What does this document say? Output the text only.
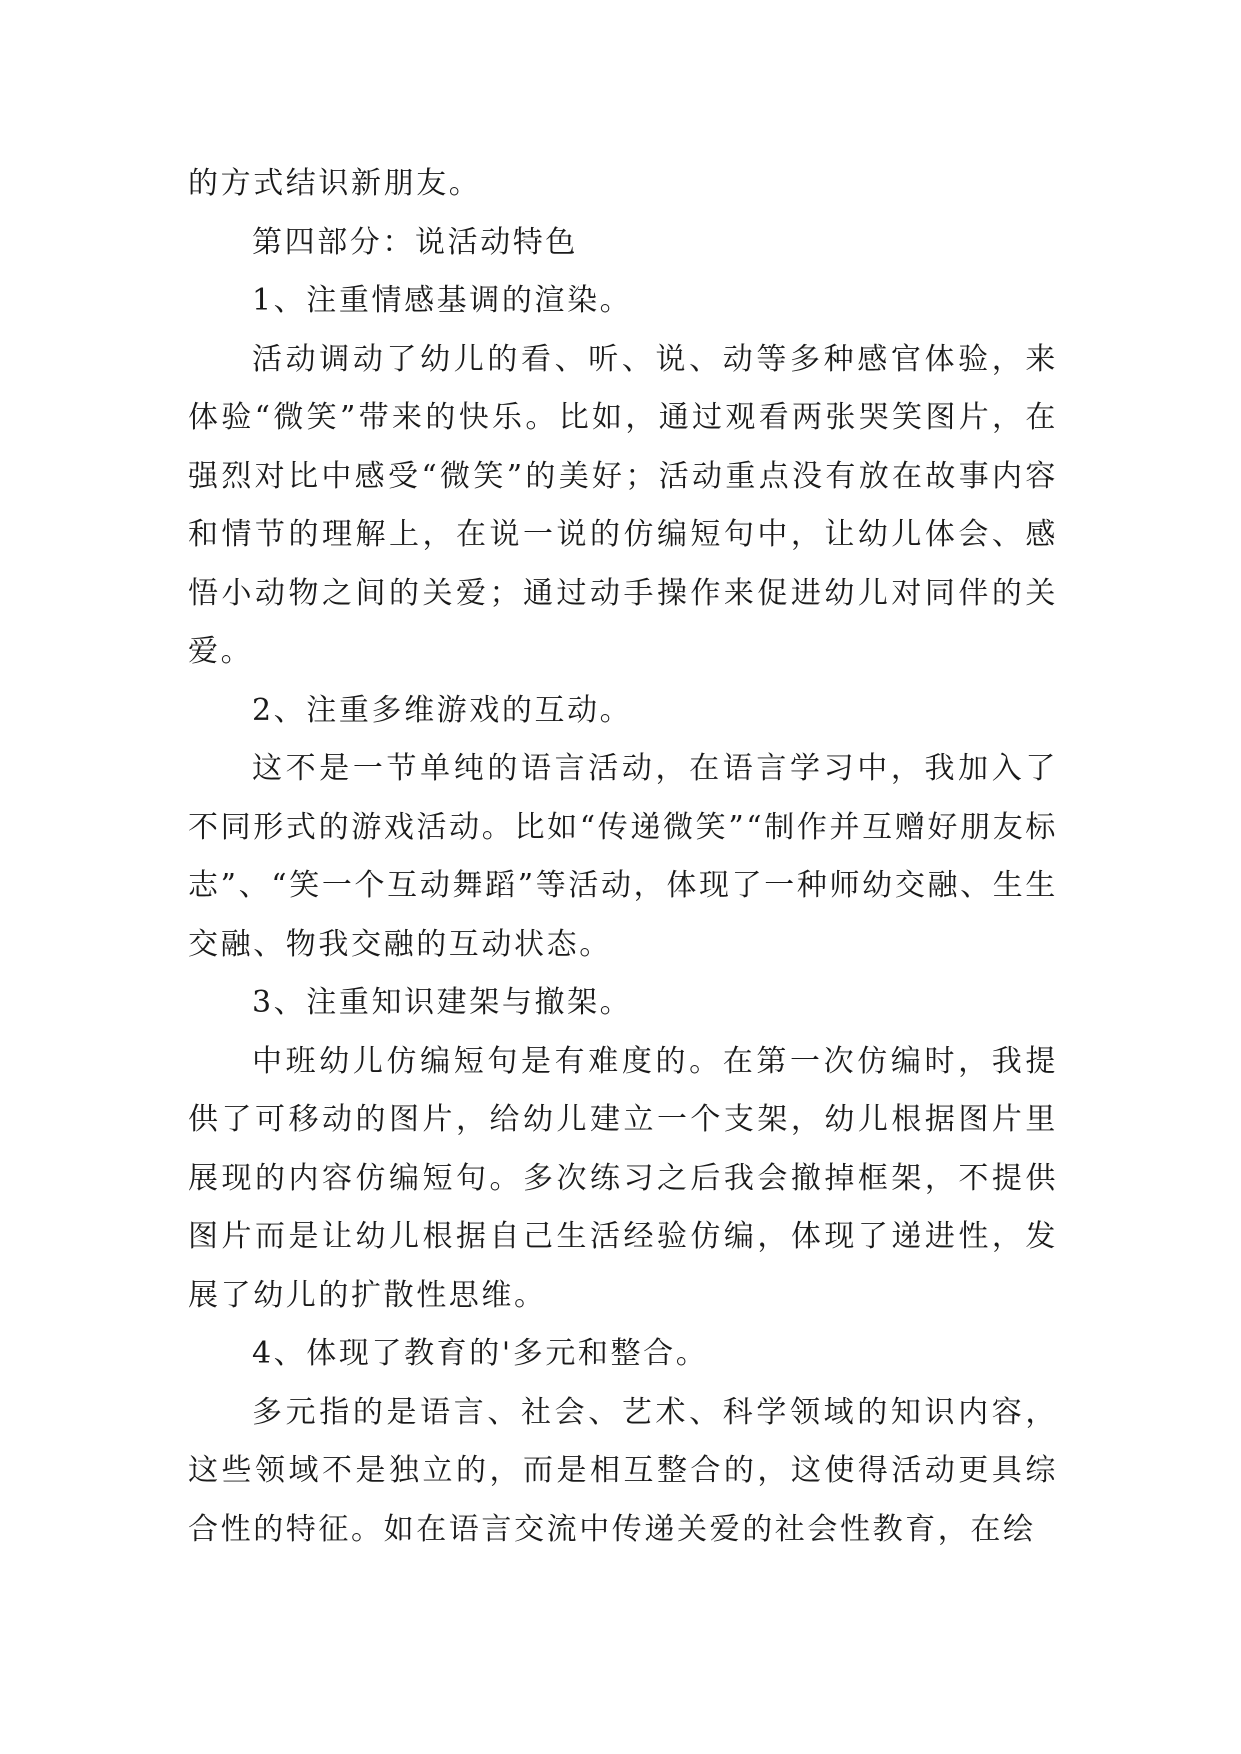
的方式结识新朋友。

第四部分：说活动特色

1、注重情感基调的渲染。

活动调动了幼儿的看、听、说、动等多种感官体验，来体验“微笑”带来的快乐。比如，通过观看两张哭笑图片，在强烈对比中感受“微笑”的美好；活动重点没有放在故事内容和情节的理解上，在说一说的仿编短句中，让幼儿体会、感悟小动物之间的关爱；通过动手操作来促进幼儿对同伴的关爱。

2、注重多维游戏的互动。

这不是一节单纯的语言活动，在语言学习中，我加入了不同形式的游戏活动。比如“传递微笑”“制作并互赠好朋友标志”、“笑一个互动舞蹈”等活动，体现了一种师幼交融、生生交融、物我交融的互动状态。

3、注重知识建架与撤架。

中班幼儿仿编短句是有难度的。在第一次仿编时，我提供了可移动的图片，给幼儿建立一个支架，幼儿根据图片里展现的内容仿编短句。多次练习之后我会撤掉框架，不提供图片而是让幼儿根据自己生活经验仿编，体现了递进性，发展了幼儿的扩散性思维。

4、体现了教育的'多元和整合。

多元指的是语言、社会、艺术、科学领域的知识内容，这些领域不是独立的，而是相互整合的，这使得活动更具综合性的特征。如在语言交流中传递关爱的社会性教育，在绘
